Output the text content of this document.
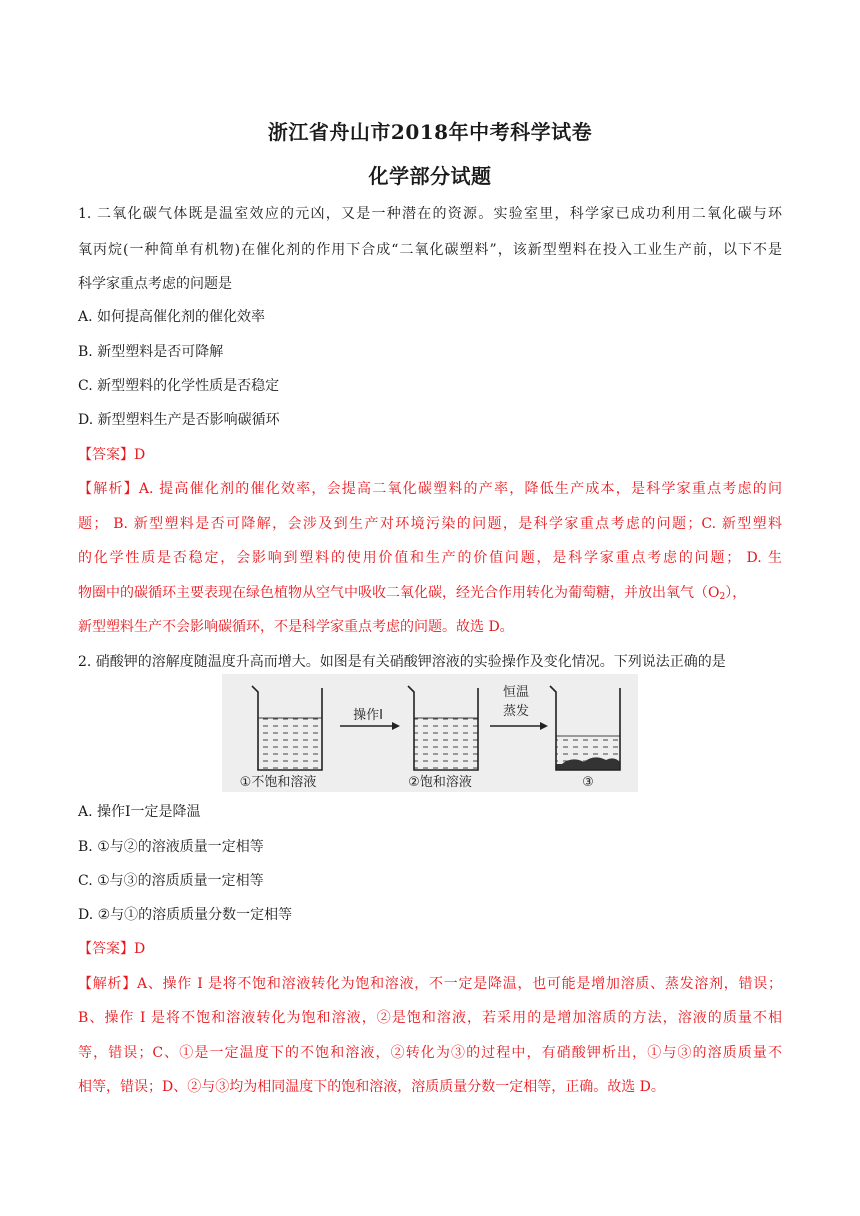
浙江省舟山市2018年中考科学试卷
化学部分试题
1. 二氧化碳气体既是温室效应的元凶，又是一种潜在的资源。实验室里，科学家已成功利用二氧化碳与环
氧丙烷(一种简单有机物)在催化剂的作用下合成“二氧化碳塑料”，该新型塑料在投入工业生产前，以下不是
科学家重点考虑的问题是
A. 如何提高催化剂的催化效率
B. 新型塑料是否可降解
C. 新型塑料的化学性质是否稳定
D. 新型塑料生产是否影响碳循环
【答案】D
【解析】A. 提高催化剂的催化效率，会提高二氧化碳塑料的产率，降低生产成本，是科学家重点考虑的问
题； B. 新型塑料是否可降解，会涉及到生产对环境污染的问题，是科学家重点考虑的问题；C. 新型塑料
的化学性质是否稳定，会影响到塑料的使用价值和生产的价值问题，是科学家重点考虑的问题； D. 生
物圈中的碳循环主要表现在绿色植物从空气中吸收二氧化碳，经光合作用转化为葡萄糖，并放出氧气$(O_2)$，
新型塑料生产不会影响碳循环，不是科学家重点考虑的问题。故选 D。
2. 硝酸钾的溶解度随温度升高而增大。如图是有关硝酸钾溶液的实验操作及变化情况。下列说法正确的是
操作Ⅰ
恒温
蒸发
①不饱和溶液	②饱和溶液	③
A. 操作Ⅰ一定是降温
B. ①与②的溶液质量一定相等
C. ①与③的溶质质量一定相等
D. ②与①的溶质质量分数一定相等
【答案】D
【解析】A、操作 I 是将不饱和溶液转化为饱和溶液，不一定是降温，也可能是增加溶质、蒸发溶剂，错误；
B、操作 I 是将不饱和溶液转化为饱和溶液，②是饱和溶液，若采用的是增加溶质的方法，溶液的质量不相
等，错误；C、①是一定温度下的不饱和溶液，②转化为③的过程中，有硝酸钾析出，①与③的溶质质量不
相等，错误；D、②与③均为相同温度下的饱和溶液，溶质质量分数一定相等，正确。故选 D。
